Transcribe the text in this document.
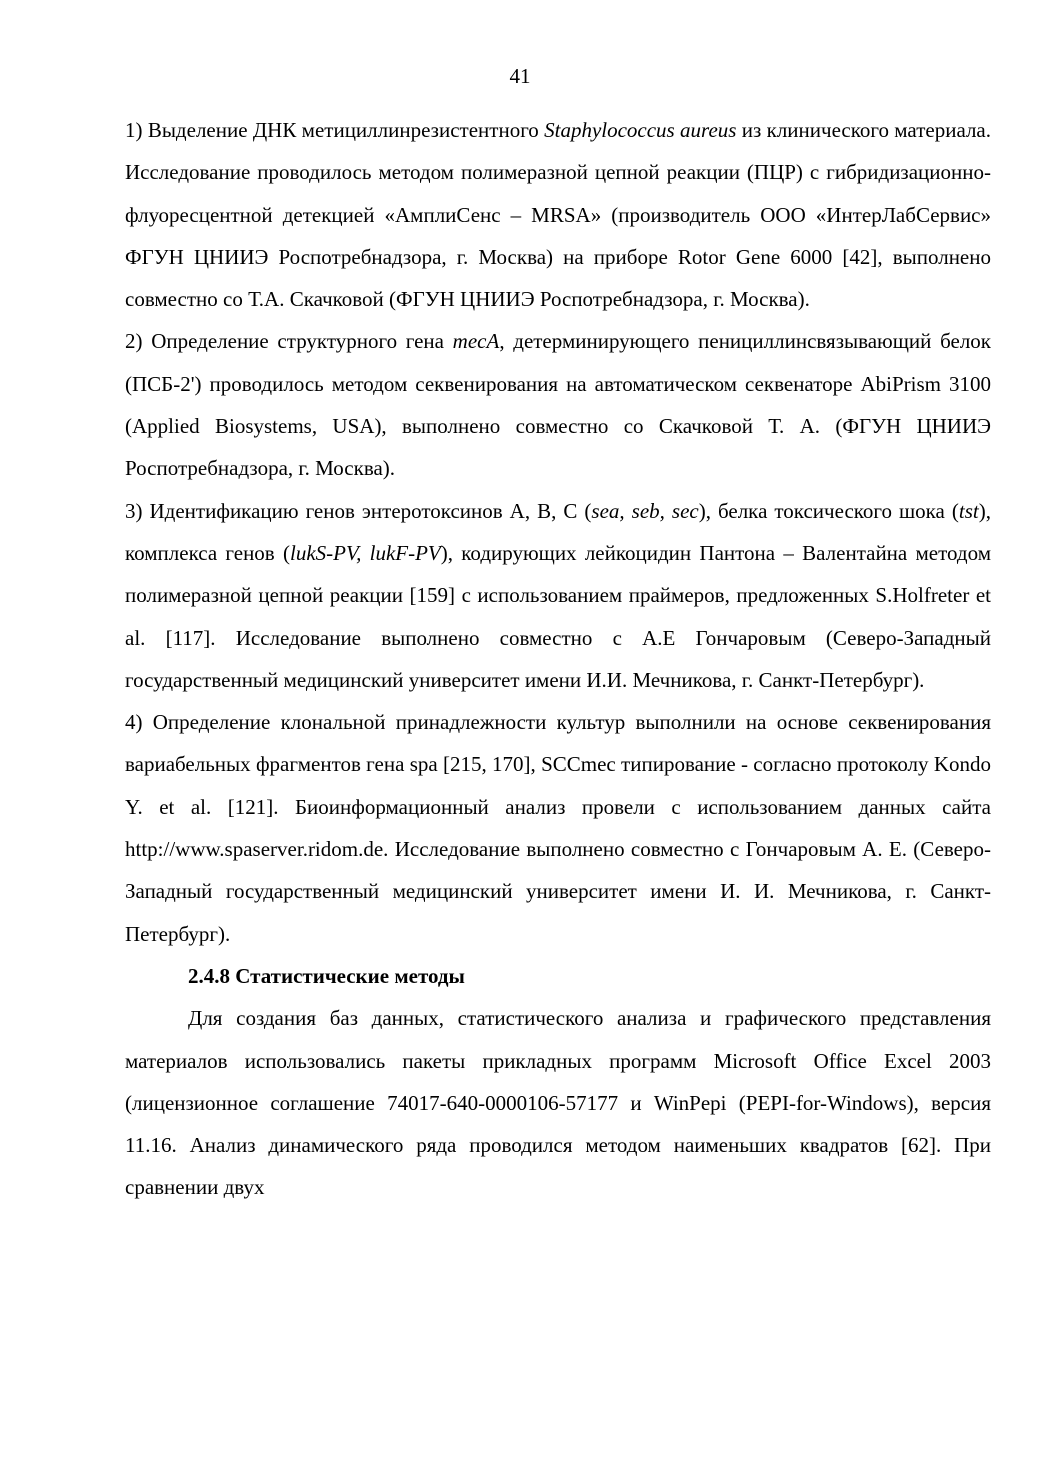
41

1) Выделение ДНК метициллинрезистентного Staphylococcus aureus из клинического материала. Исследование проводилось методом полимеразной цепной реакции (ПЦР) с гибридизационно-флуоресцентной детекцией «АмплиСенс – MRSA» (производитель ООО «ИнтерЛабСервис» ФГУН ЦНИИЭ Роспотребнадзора, г. Москва) на приборе Rotor Gene 6000 [42], выполнено совместно со Т.А. Скачковой (ФГУН ЦНИИЭ Роспотребнадзора, г. Москва).

2) Определение структурного гена mecA, детерминирующего пенициллинсвязывающий белок (ПСБ-2') проводилось методом секвенирования на автоматическом секвенаторе AbiPrism 3100 (Applied Biosystems, USA), выполнено совместно со Скачковой Т. А. (ФГУН ЦНИИЭ Роспотребнадзора, г. Москва).

3) Идентификацию генов энтеротоксинов А, В, С (sea, seb, sec), белка токсического шока (tst), комплекса генов (lukS-PV, lukF-PV), кодирующих лейкоцидин Пантона – Валентайна методом полимеразной цепной реакции [159] с использованием праймеров, предложенных S.Holfreter et al. [117]. Исследование выполнено совместно с А.Е Гончаровым (Северо-Западный государственный медицинский университет имени И.И. Мечникова, г. Санкт-Петербург).

4) Определение клональной принадлежности культур выполнили на основе секвенирования вариабельных фрагментов гена spa [215, 170], SCCmec типирование - согласно протоколу Kondo Y. et al. [121]. Биоинформационный анализ провели с использованием данных сайта http://www.spaserver.ridom.de. Исследование выполнено совместно с Гончаровым А. Е. (Северо-Западный государственный медицинский университет имени И. И. Мечникова, г. Санкт-Петербург).

2.4.8 Статистические методы

Для создания баз данных, статистического анализа и графического представления материалов использовались пакеты прикладных программ Microsoft Office Excel 2003 (лицензионное соглашение 74017-640-0000106-57177 и WinPepi (PEPI-for-Windows), версия 11.16. Анализ динамического ряда проводился методом наименьших квадратов [62]. При сравнении двух
